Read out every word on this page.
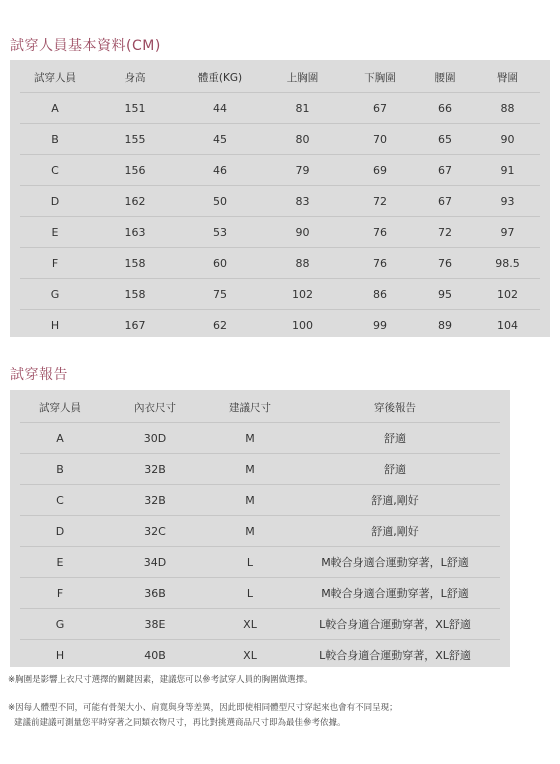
試穿人員基本資料(CM)
試穿人員	身高	體重(KG)	上胸圍	下胸圍	腰圍	臀圍
A	151	44	81	67	66	88
B	155	45	80	70	65	90
C	156	46	79	69	67	91
D	162	50	83	72	67	93
E	163	53	90	76	72	97
F	158	60	88	76	76	98.5
G	158	75	102	86	95	102
H	167	62	100	99	89	104
試穿報告
試穿人員	內衣尺寸	建議尺寸	穿後報告
A	30D	M	舒適
B	32B	M	舒適
C	32B	M	舒適,剛好
D	32C	M	舒適,剛好
E	34D	L	M較合身適合運動穿著，L舒適
F	36B	L	M較合身適合運動穿著，L舒適
G	38E	XL	L較合身適合運動穿著，XL舒適
H	40B	XL	L較合身適合運動穿著，XL舒適
※胸圍是影響上衣尺寸選擇的關鍵因素，建議您可以參考試穿人員的胸圍做選擇。
※因每人體型不同，可能有骨架大小、肩寬與身等差異，因此即使相同體型尺寸穿起來也會有不同呈現；
建議前建議可測量您平時穿著之同類衣物尺寸，再比對挑選商品尺寸即為最佳參考依據。
